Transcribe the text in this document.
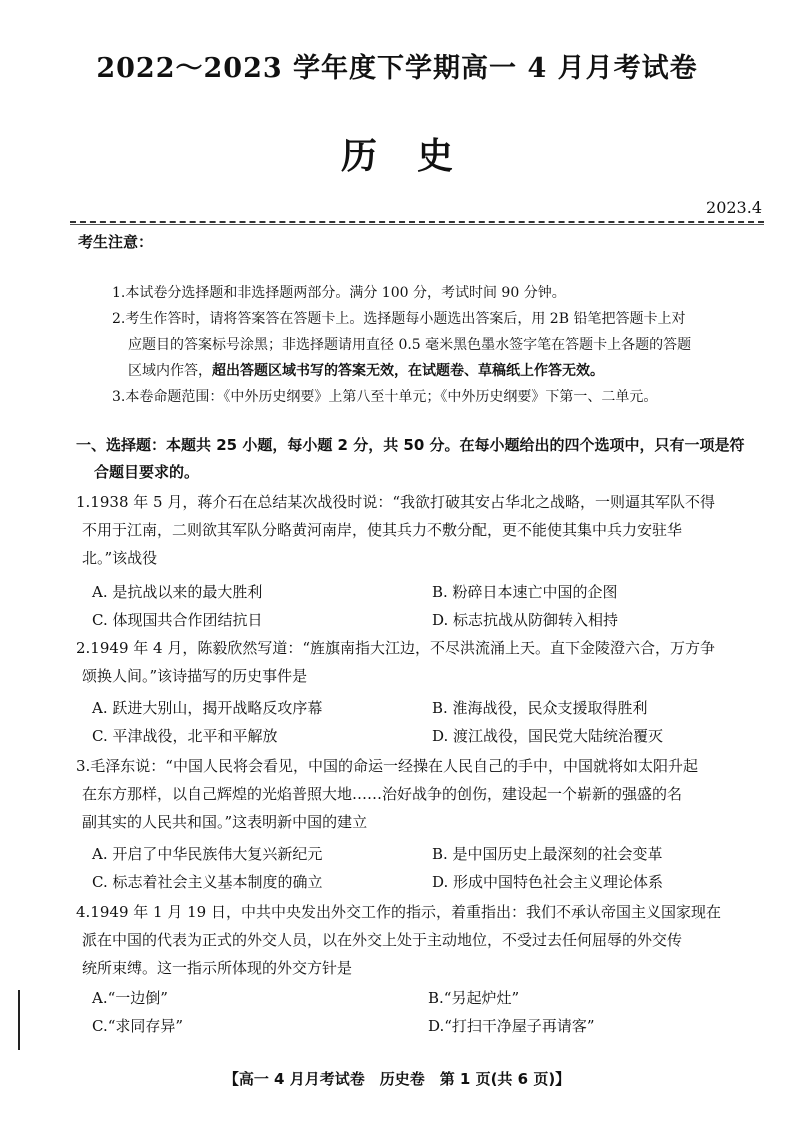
2022～2023 学年度下学期高一 4 月月考试卷
历史
2023.4
考生注意：
1.本试卷分选择题和非选择题两部分。满分 100 分，考试时间 90 分钟。
2.考生作答时，请将答案答在答题卡上。选择题每小题选出答案后，用 2B 铅笔把答题卡上对
应题目的答案标号涂黑；非选择题请用直径 0.5 毫米黑色墨水签字笔在答题卡上各题的答题
区域内作答，超出答题区域书写的答案无效，在试题卷、草稿纸上作答无效。
3.本卷命题范围：《中外历史纲要》上第八至十单元；《中外历史纲要》下第一、二单元。
一、选择题：本题共 25 小题，每小题 2 分，共 50 分。在每小题给出的四个选项中，只有一项是符
合题目要求的。
1.1938 年 5 月，蒋介石在总结某次战役时说：“我欲打破其安占华北之战略，一则逼其军队不得
不用于江南，二则欲其军队分略黄河南岸，使其兵力不敷分配，更不能使其集中兵力安驻华
北。”该战役
A. 是抗战以来的最大胜利	B. 粉碎日本速亡中国的企图
C. 体现国共合作团结抗日	D. 标志抗战从防御转入相持
2.1949 年 4 月，陈毅欣然写道：“旌旗南指大江边，不尽洪流涌上天。直下金陵澄六合，万方争
颂换人间。”该诗描写的历史事件是
A. 跃进大别山，揭开战略反攻序幕	B. 淮海战役，民众支援取得胜利
C. 平津战役，北平和平解放	D. 渡江战役，国民党大陆统治覆灭
3.毛泽东说：“中国人民将会看见，中国的命运一经操在人民自己的手中，中国就将如太阳升起
在东方那样，以自己辉煌的光焰普照大地……治好战争的创伤，建设起一个崭新的强盛的名
副其实的人民共和国。”这表明新中国的建立
A. 开启了中华民族伟大复兴新纪元	B. 是中国历史上最深刻的社会变革
C. 标志着社会主义基本制度的确立	D. 形成中国特色社会主义理论体系
4.1949 年 1 月 19 日，中共中央发出外交工作的指示，着重指出：我们不承认帝国主义国家现在
派在中国的代表为正式的外交人员，以在外交上处于主动地位，不受过去任何屈辱的外交传
统所束缚。这一指示所体现的外交方针是
A.“一边倒”	B.“另起炉灶”
C.“求同存异”	D.“打扫干净屋子再请客”
【高一 4 月月考试卷　历史卷　第 1 页(共 6 页)】
